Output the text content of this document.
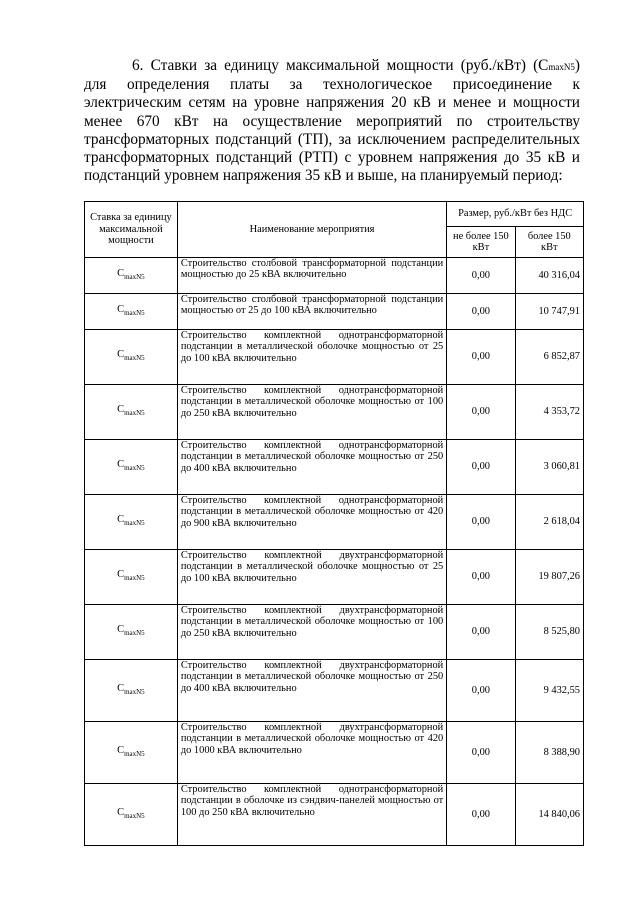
6. Ставки за единицу максимальной мощности (руб./кВт) (СmaxN5) для определения платы за технологическое присоединение к электрическим сетям на уровне напряжения 20 кВ и менее и мощности менее 670 кВт на осуществление мероприятий по строительству трансформаторных подстанций (ТП), за исключением распределительных трансформаторных подстанций (РТП) с уровнем напряжения до 35 кВ и подстанций уровнем напряжения 35 кВ и выше, на планируемый период:

Ставка за единицу максимальной мощности	Наименование мероприятия	Размер, руб./кВт без НДС	
		не более 150 кВт	более 150 кВт
$С_{maxN5}$	Строительство столбовой трансформаторной подстанции мощностью до 25 кВА включительно	0,00	40 316,04
$С_{maxN5}$	Строительство столбовой трансформаторной подстанции мощностью от 25 до 100 кВА включительно	0,00	10 747,91
$С_{maxN5}$	Строительство комплектной однотрансформаторной подстанции в металлической оболочке мощностью от 25 до 100 кВА включительно	0,00	6 852,87
$С_{maxN5}$	Строительство комплектной однотрансформаторной подстанции в металлической оболочке мощностью от 100 до 250 кВА включительно	0,00	4 353,72
$С_{maxN5}$	Строительство комплектной однотрансформаторной подстанции в металлической оболочке мощностью от 250 до 400 кВА включительно	0,00	3 060,81
$С_{maxN5}$	Строительство комплектной однотрансформаторной подстанции в металлической оболочке мощностью от 420 до 900 кВА включительно	0,00	2 618,04
$С_{maxN5}$	Строительство комплектной двухтрансформаторной подстанции в металлической оболочке мощностью от 25 до 100 кВА включительно	0,00	19 807,26
$С_{maxN5}$	Строительство комплектной двухтрансформаторной подстанции в металлической оболочке мощностью от 100 до 250 кВА включительно	0,00	8 525,80
$С_{maxN5}$	Строительство комплектной двухтрансформаторной подстанции в металлической оболочке мощностью от 250 до 400 кВА включительно	0,00	9 432,55
$С_{maxN5}$	Строительство комплектной двухтрансформаторной подстанции в металлической оболочке мощностью от 420 до 1000 кВА включительно	0,00	8 388,90
$С_{maxN5}$	Строительство комплектной однотрансформаторной подстанции в оболочке из сэндвич-панелей мощностью от 100 до 250 кВА включительно	0,00	14 840,06
